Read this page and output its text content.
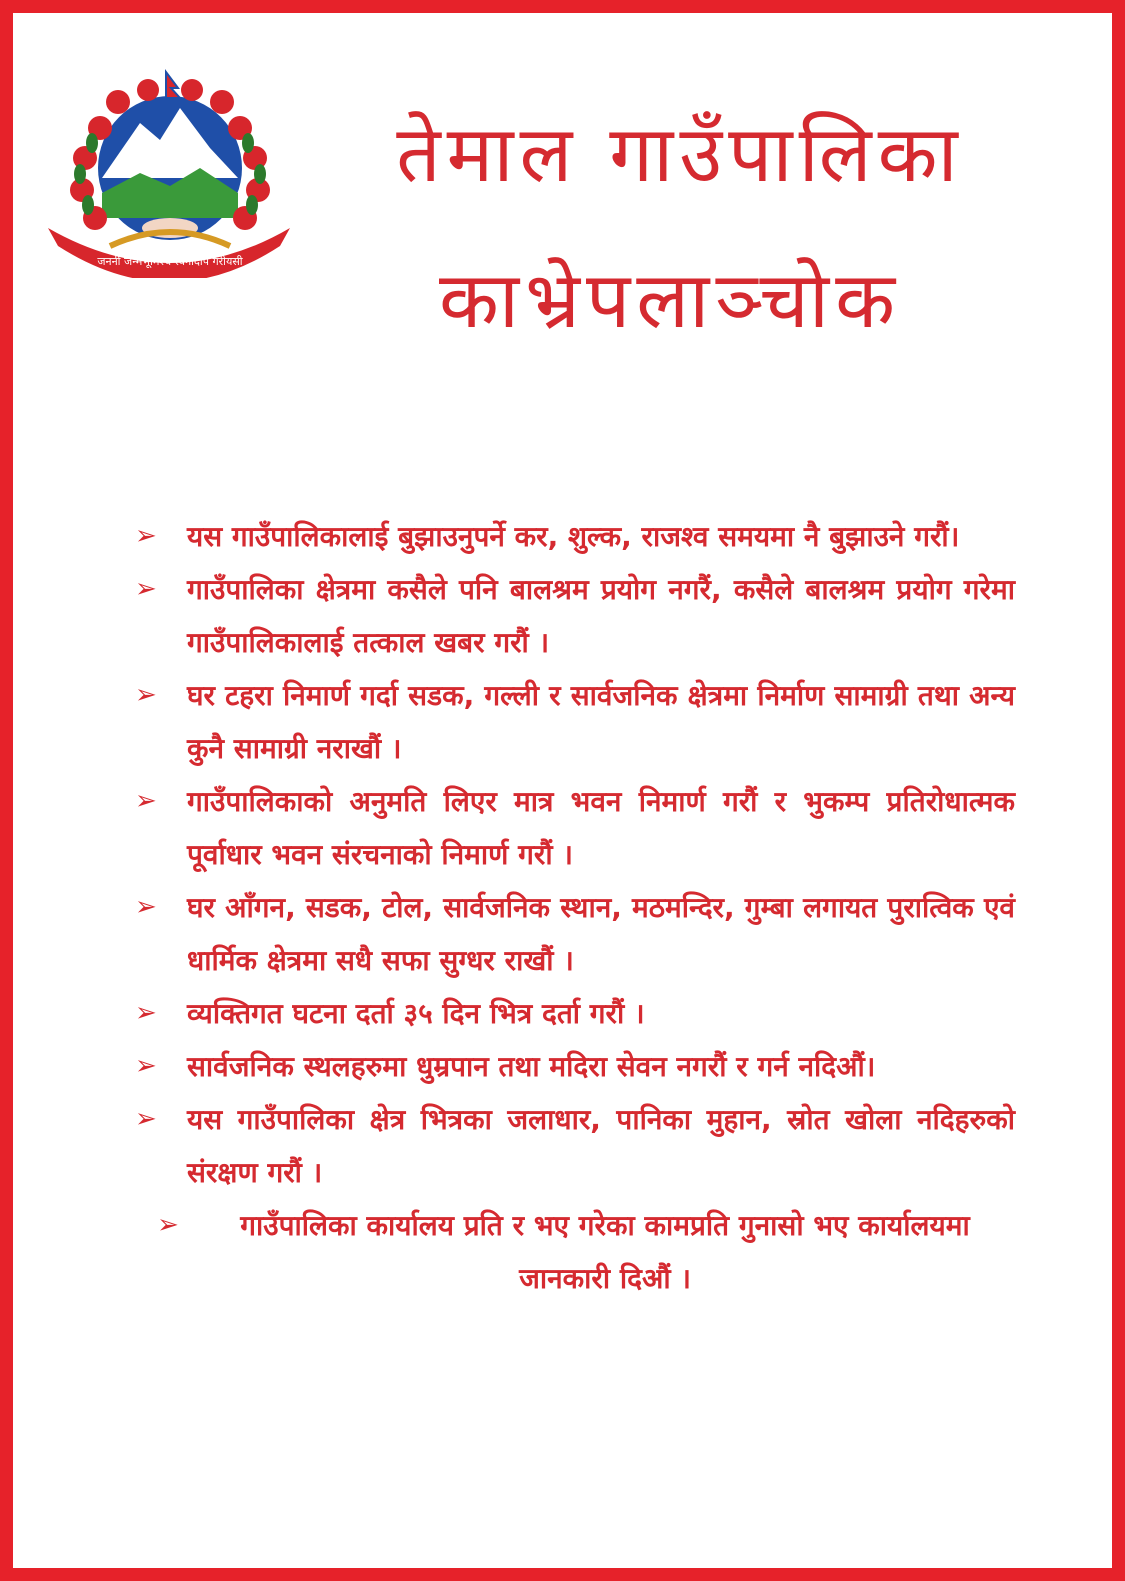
जननी जन्मभूमिश्च स्वर्गादपि गरीयसी
तेमाल गाउँपालिका
काभ्रेपलाञ्चोक
➢ यस गाउँपालिकालाई बुझाउनुपर्ने कर, शुल्क, राजश्व समयमा नै बुझाउने गरौं।
➢ गाउँपालिका क्षेत्रमा कसैले पनि बालश्रम प्रयोग नगरैं, कसैले बालश्रम प्रयोग गरेमा गाउँपालिकालाई तत्काल खबर गरौं ।
➢ घर टहरा निमार्ण गर्दा सडक, गल्ली र सार्वजनिक क्षेत्रमा निर्माण सामाग्री तथा अन्य कुनै सामाग्री नराखौं ।
➢ गाउँपालिकाको अनुमति लिएर मात्र भवन निमार्ण गरौं र भुकम्प प्रतिरोधात्मक पूर्वाधार भवन संरचनाको निमार्ण गरौं ।
➢ घर आँगन, सडक, टोल, सार्वजनिक स्थान, मठमन्दिर, गुम्बा लगायत पुरात्विक एवं धार्मिक क्षेत्रमा सधै सफा सुग्धर राखौं ।
➢ व्यक्तिगत घटना दर्ता ३५ दिन भित्र दर्ता गरौं ।
➢ सार्वजनिक स्थलहरुमा धुम्रपान तथा मदिरा सेवन नगरौं र गर्न नदिऔं।
➢ यस गाउँपालिका क्षेत्र भित्रका जलाधार, पानिका मुहान, स्रोत खोला नदिहरुको संरक्षण गरौं ।
➢ गाउँपालिका कार्यालय प्रति र भए गरेका कामप्रति गुनासो भए कार्यालयमा जानकारी दिऔं ।
